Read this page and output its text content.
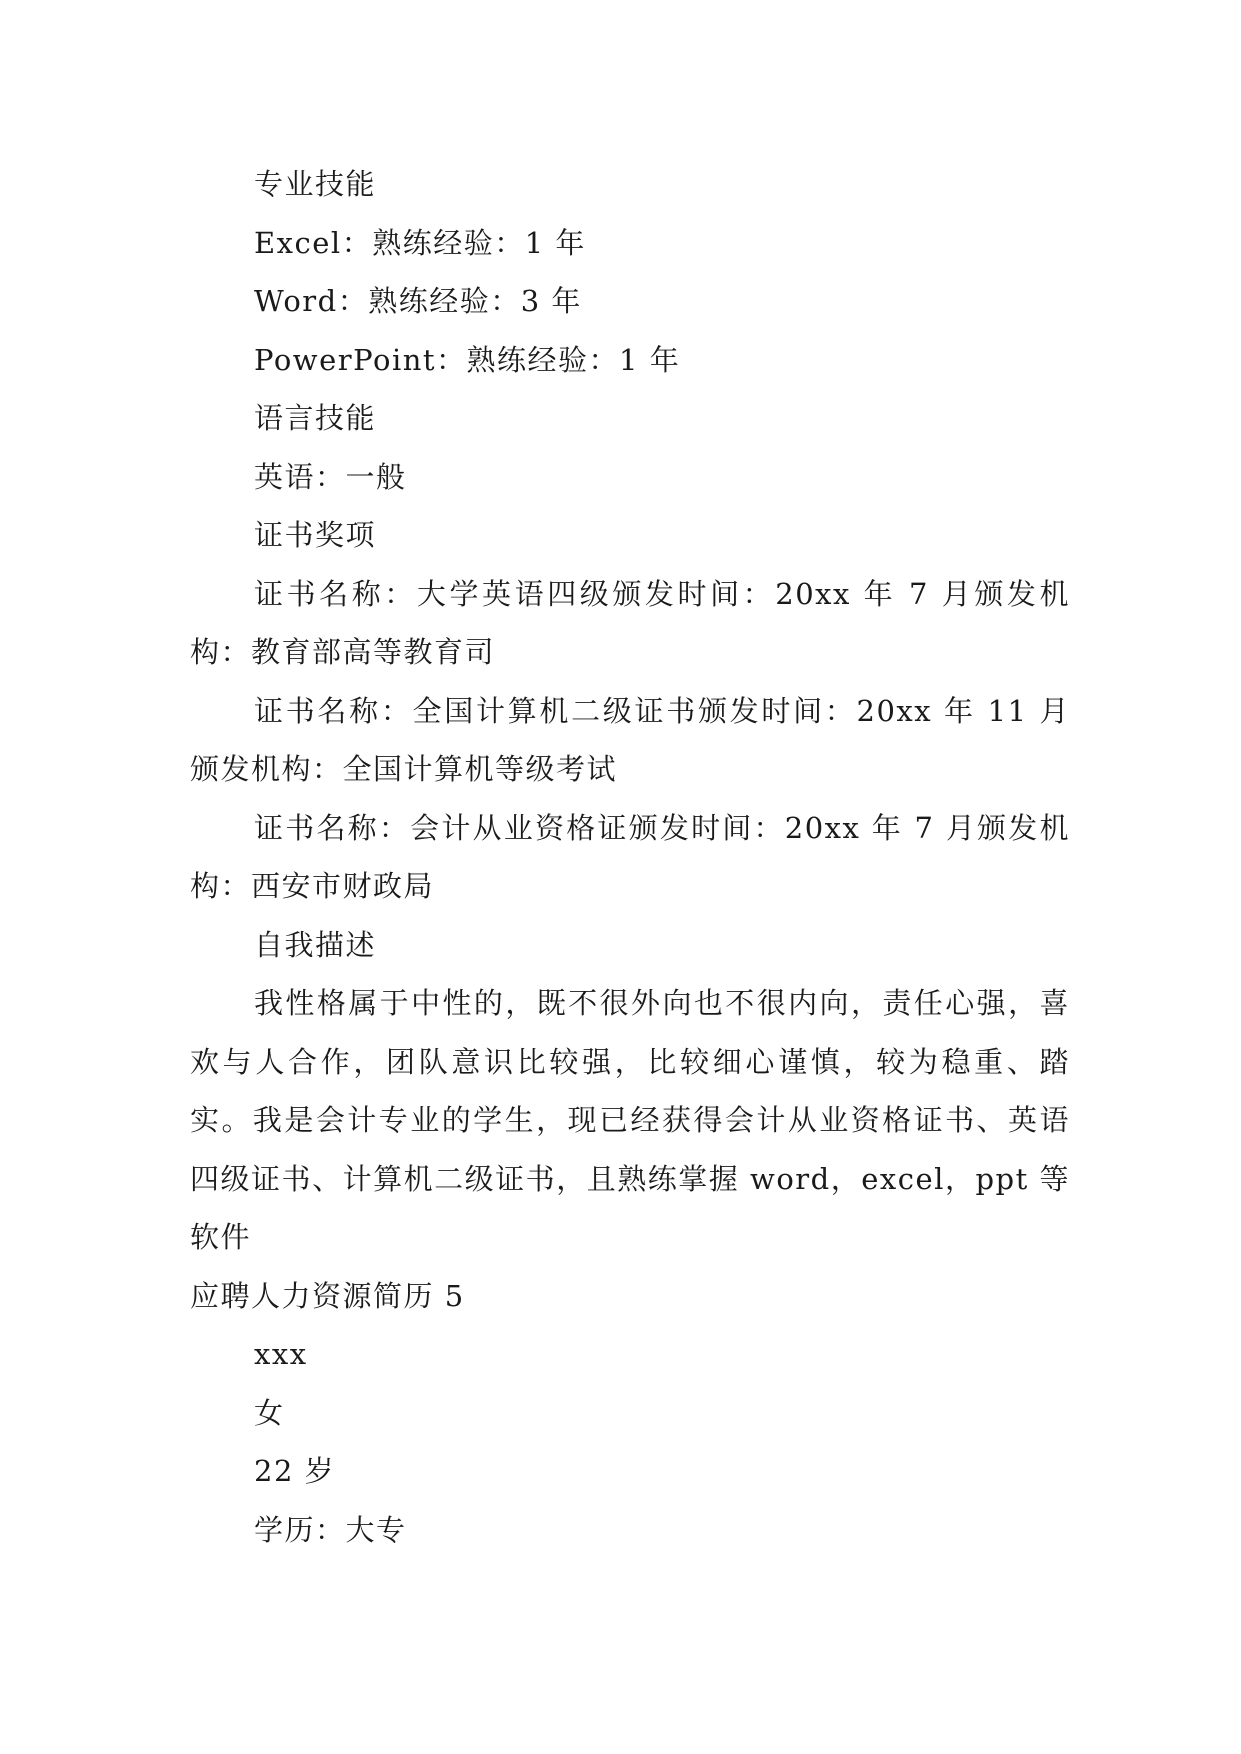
专业技能

Excel：熟练经验：1 年

Word：熟练经验：3 年

PowerPoint：熟练经验：1 年

语言技能

英语：一般

证书奖项

证书名称：大学英语四级颁发时间：20xx 年 7 月颁发机构：教育部高等教育司

证书名称：全国计算机二级证书颁发时间：20xx 年 11 月颁发机构：全国计算机等级考试

证书名称：会计从业资格证颁发时间：20xx 年 7 月颁发机构：西安市财政局

自我描述

我性格属于中性的，既不很外向也不很内向，责任心强，喜欢与人合作，团队意识比较强，比较细心谨慎，较为稳重、踏实。我是会计专业的学生，现已经获得会计从业资格证书、英语四级证书、计算机二级证书，且熟练掌握 word，excel，ppt 等软件

应聘人力资源简历 5

xxx

女

22 岁

学历：大专
